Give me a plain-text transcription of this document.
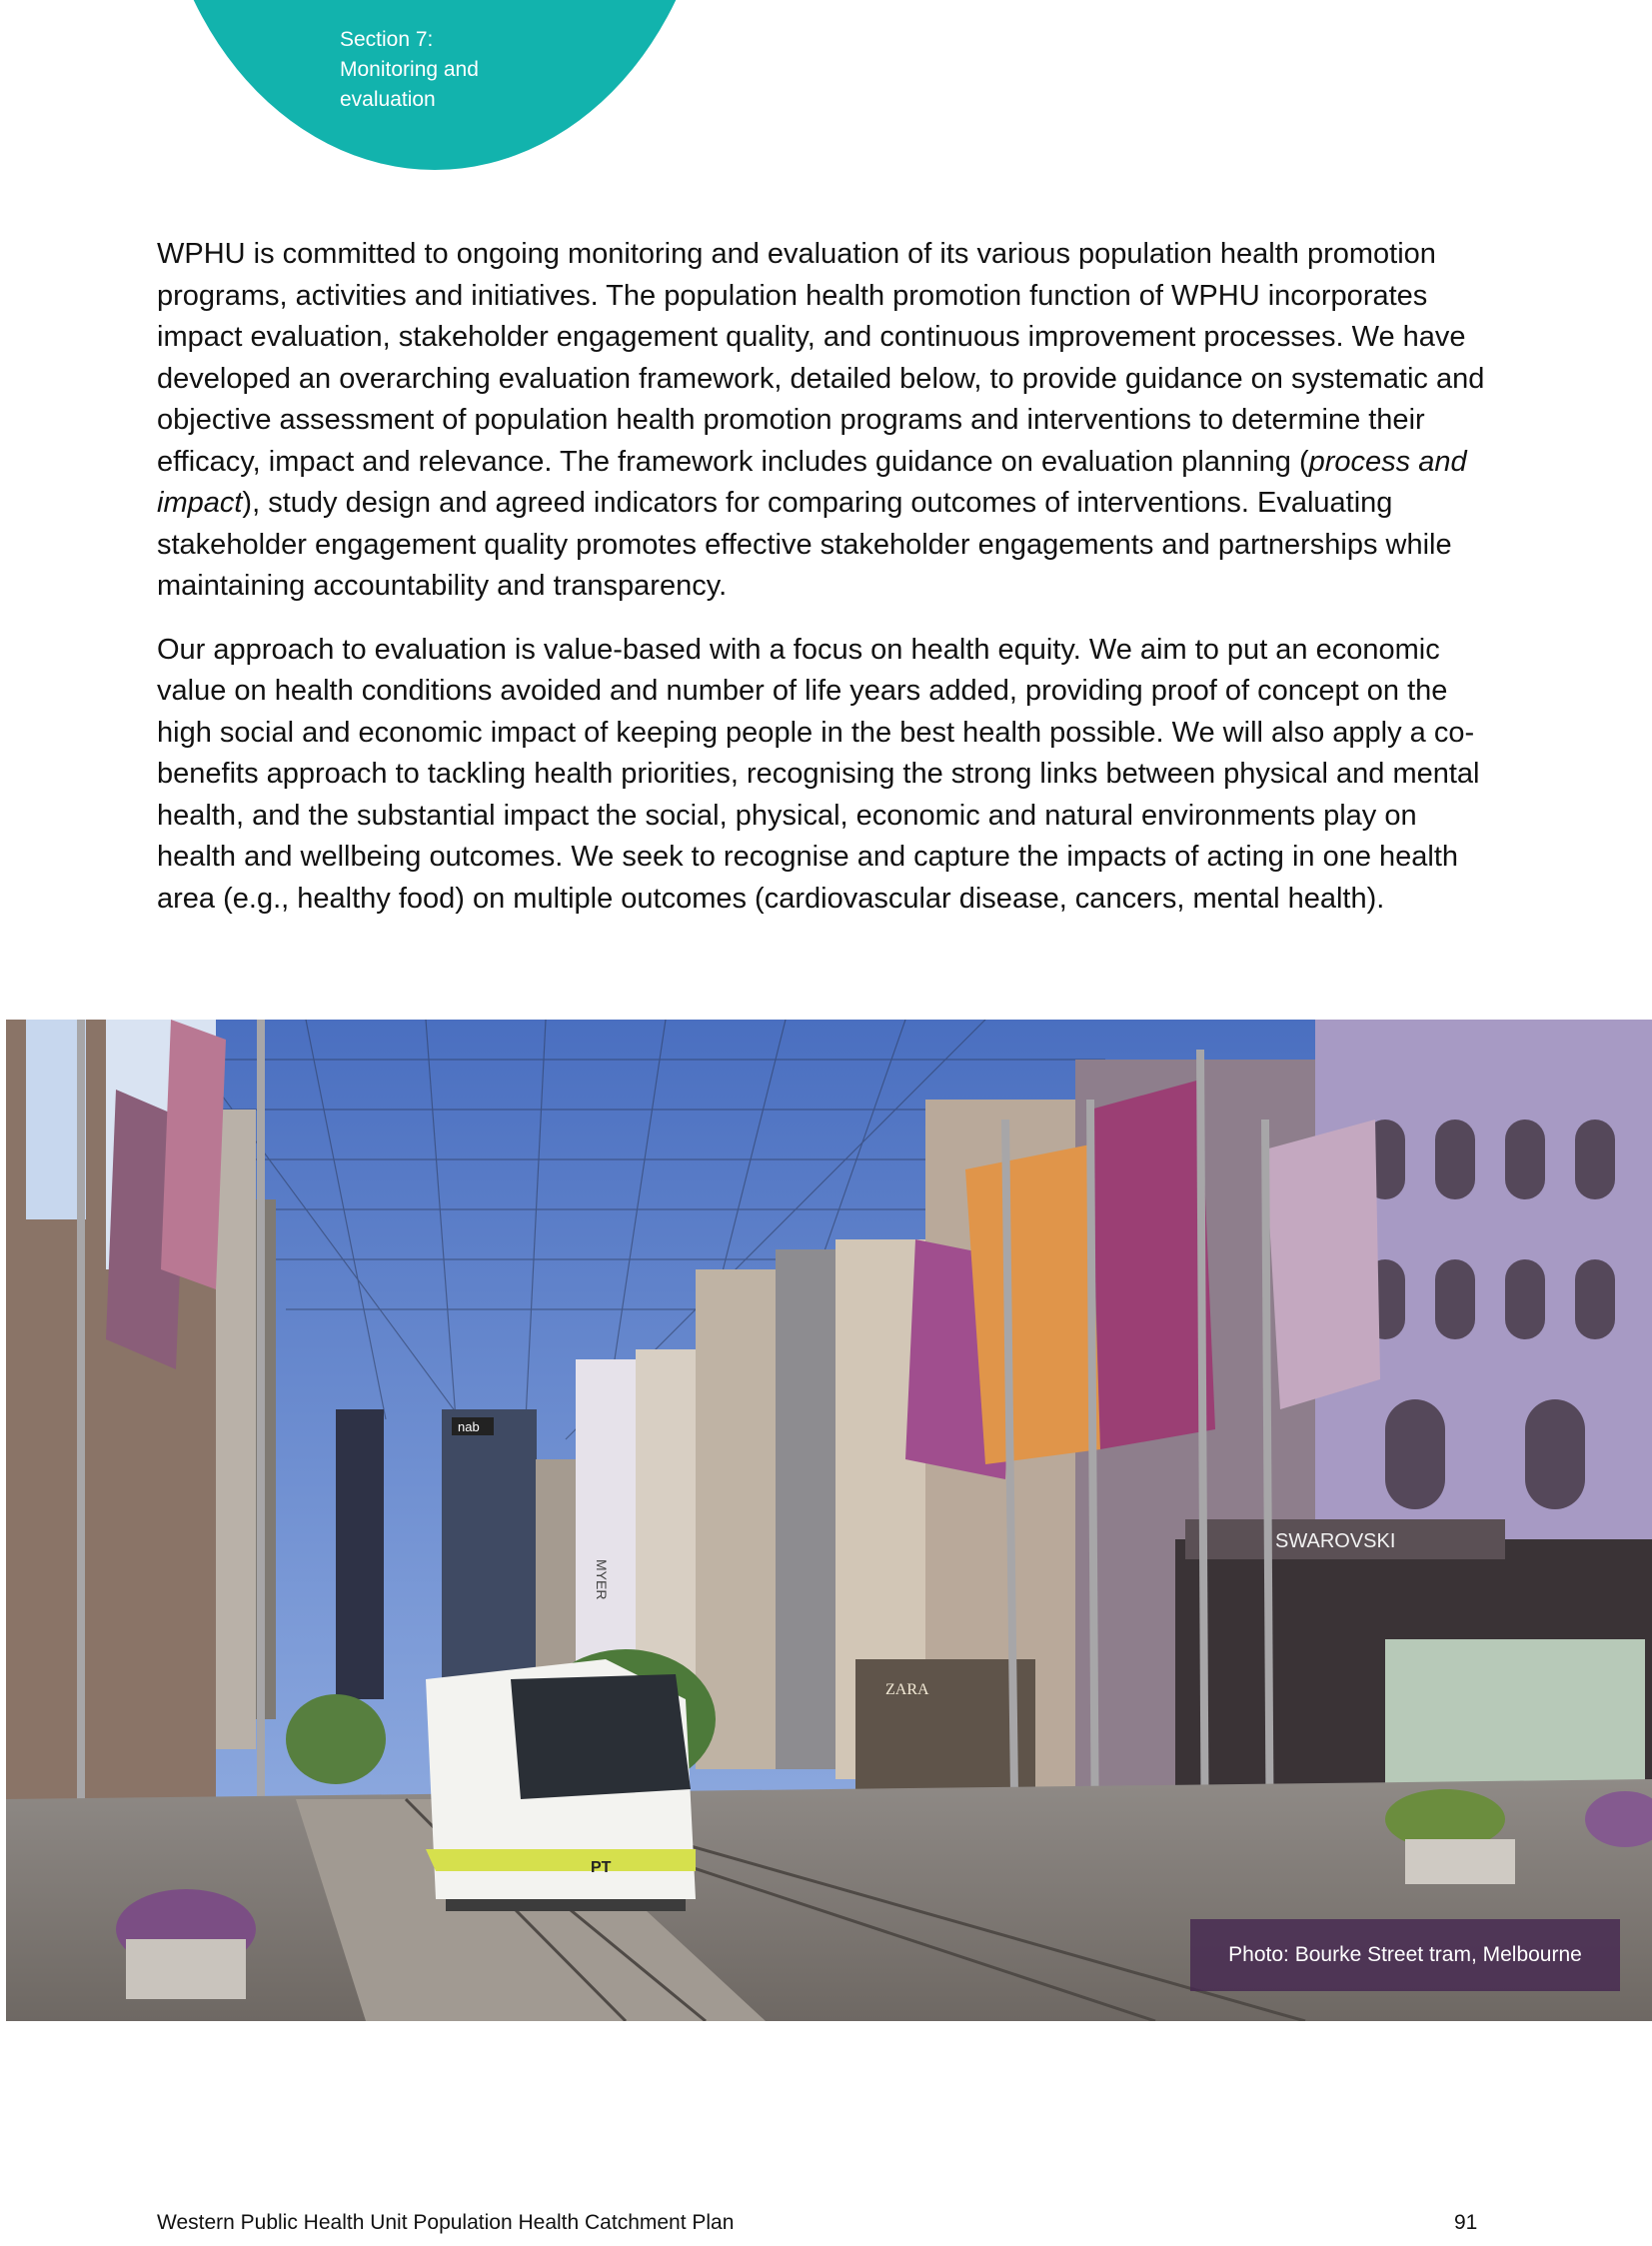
Section 7:
Monitoring and
evaluation

WPHU is committed to ongoing monitoring and evaluation of its various population health promotion programs, activities and initiatives. The population health promotion function of WPHU incorporates impact evaluation, stakeholder engagement quality, and continuous improvement processes. We have developed an overarching evaluation framework, detailed below, to provide guidance on systematic and objective assessment of population health promotion programs and interventions to determine their efficacy, impact and relevance. The framework includes guidance on evaluation planning (process and impact), study design and agreed indicators for comparing outcomes of interventions. Evaluating stakeholder engagement quality promotes effective stakeholder engagements and partnerships while maintaining accountability and transparency.

Our approach to evaluation is value-based with a focus on health equity. We aim to put an economic value on health conditions avoided and number of life years added, providing proof of concept on the high social and economic impact of keeping people in the best health possible. We will also apply a co-benefits approach to tackling health priorities, recognising the strong links between physical and mental health, and the substantial impact the social, physical, economic and natural environments play on health and wellbeing outcomes. We seek to recognise and capture the impacts of acting in one health area (e.g., healthy food) on multiple outcomes (cardiovascular disease, cancers, mental health).

nab
MYER
SWAROVSKI
ZARA
PT
Photo: Bourke Street tram, Melbourne
Western Public Health Unit Population Health Catchment Plan	91
